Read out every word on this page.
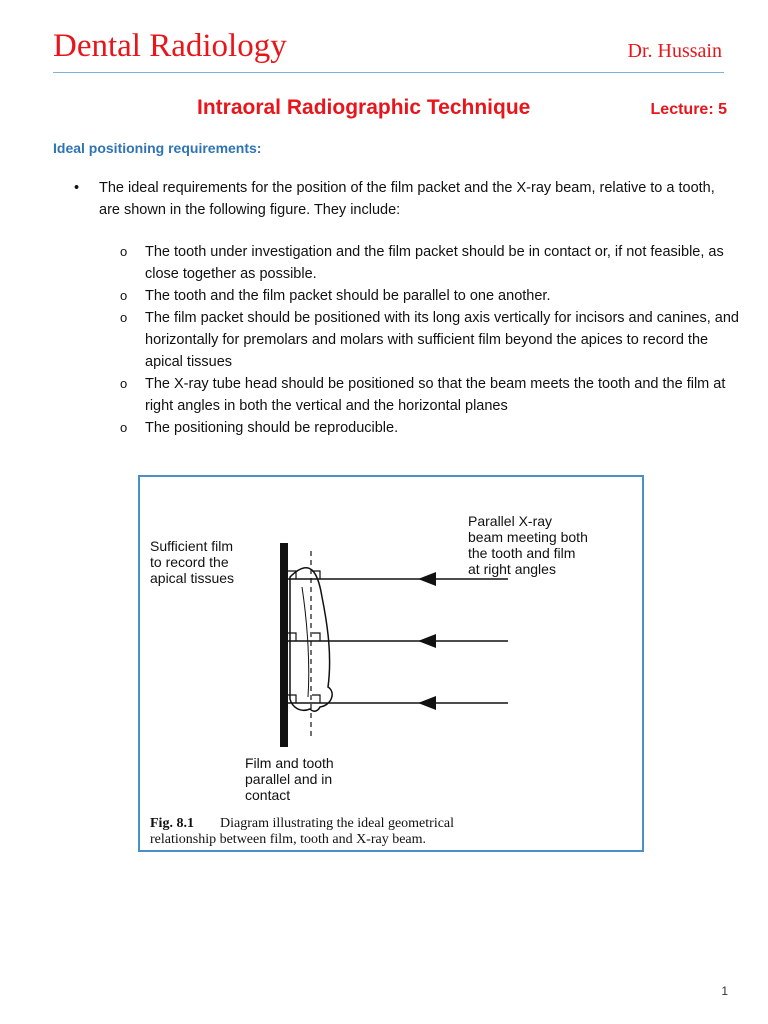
Dental Radiology	Dr. Hussain
Intraoral Radiographic Technique	Lecture: 5
Ideal positioning requirements:
• The ideal requirements for the position of the film packet and the X-ray beam, relative to a tooth, are shown in the following figure. They include:
o The tooth under investigation and the film packet should be in contact or, if not feasible, as close together as possible.
o The tooth and the film packet should be parallel to one another.
o The film packet should be positioned with its long axis vertically for incisors and canines, and horizontally for premolars and molars with sufficient film beyond the apices to record the apical tissues
o The X-ray tube head should be positioned so that the beam meets the tooth and the film at right angles in both the vertical and the horizontal planes
o The positioning should be reproducible.
Sufficient film
to record the
apical tissues
Parallel X-ray
beam meeting both
the tooth and film
at right angles
Film and tooth
parallel and in
contact
Fig. 8.1 Diagram illustrating the ideal geometrical
relationship between film, tooth and X-ray beam.
1
